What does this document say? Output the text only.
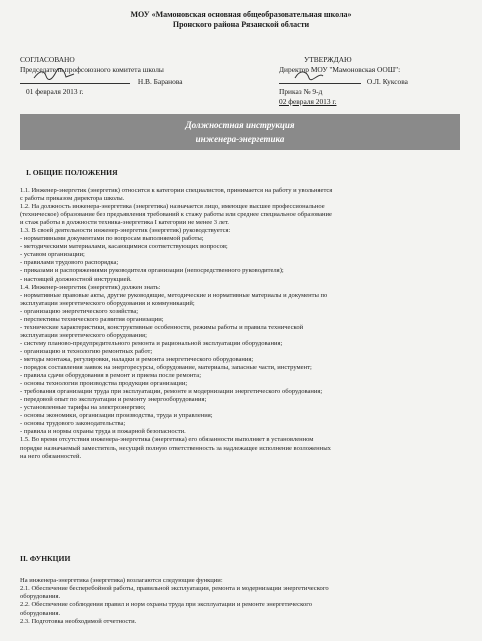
МОУ «Мамоновская основная общеобразовательная школа»
Пронского района Рязанской области
СОГЛАСОВАНО
Председатель профсоюзного комитета школы
Н.В. Баранова
01 февраля 2013 г.
УТВЕРЖДАЮ
Директор МОУ "Мамоновская ООШ":
О.Л. Куксова
Приказ № 9-д
02 февраля 2013 г.
Должностная инструкция
инженера-энергетика
I. ОБЩИЕ ПОЛОЖЕНИЯ
1.1. Инженер-энергетик (энергетик) относится к категории специалистов, принимается на работу и увольняется
с работы приказом директора школы.
1.2. На должность инженера-энергетика (энергетика) назначается лицо, имеющее высшее профессиональное
(техническое) образование без предъявления требований к стажу работы или среднее специальное образование
и стаж работы в должности техника-энергетика I категории не менее 3 лет.
1.3. В своей деятельности инженер-энергетик (энергетик) руководствуется:
- нормативными документами по вопросам выполняемой работы;
- методическими материалами, касающимися соответствующих вопросов;
- уставом организации;
- правилами трудового распорядка;
- приказами и распоряжениями руководителя организации (непосредственного руководителя);
- настоящей должностной инструкцией.
1.4. Инженер-энергетик (энергетик) должен знать:
- нормативные правовые акты, другие руководящие, методические и нормативные материалы и документы по
эксплуатации энергетического оборудования и коммуникаций;
- организацию энергетического хозяйства;
- перспективы технического развития организации;
- технические характеристики, конструктивные особенности, режимы работы и правила технической
эксплуатации энергетического оборудования;
- систему планово-предупредительного ремонта и рациональной эксплуатации оборудования;
- организацию и технологию ремонтных работ;
- методы монтажа, регулировки, наладки и ремонта энергетического оборудования;
- порядок составления заявок на энергоресурсы, оборудование, материалы, запасные части, инструмент;
- правила сдачи оборудования в ремонт и приема после ремонта;
- основы технологии производства продукции организации;
- требования организации труда при эксплуатации, ремонте и модернизации энергетического оборудования;
- передовой опыт по эксплуатации и ремонту энергооборудования;
- установленные тарифы на электроэнергию;
- основы экономики, организации производства, труда и управления;
- основы трудового законодательства;
- правила и нормы охраны труда и пожарной безопасности.
1.5. Во время отсутствия инженера-энергетика (энергетика) его обязанности выполняет в установленном
порядке назначаемый заместитель, несущий полную ответственность за надлежащее исполнение возложенных
на него обязанностей.
II. ФУНКЦИИ
На инженера-энергетика (энергетика) возлагаются следующие функции:
2.1. Обеспечение бесперебойной работы, правильной эксплуатации, ремонта и модернизации энергетического
оборудования.
2.2. Обеспечение соблюдения правил и норм охраны труда при эксплуатации и ремонте энергетического
оборудования.
2.3. Подготовка необходимой отчетности.
